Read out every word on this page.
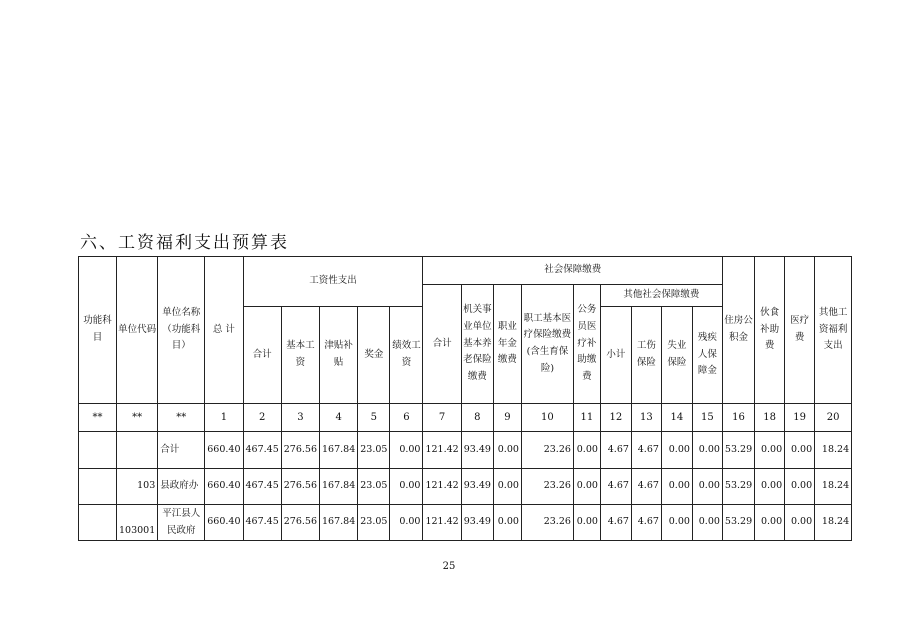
六、工资福利支出预算表
功能科目	单位代码	单位名称（功能科目）	总 计	工资性支出					社会保障缴费									住房公积金	伙食补助费	医疗费	其他工资福利支出
									合计	机关事业单位基本养老保险缴费	职业年金缴费	职工基本医疗保险缴费(含生育保险)	公务员医疗补助缴费	其他社会保障缴费							
				合计	基本工资	津贴补贴	奖金	绩效工资						小计	工伤保险	失业保险	残疾人保障金				
**	**	**	1	2	3	4	5	6	7	8	9	10	11	12	13	14	15	16	18	19	20
		合计	660.40	467.45	276.56	167.84	23.05	0.00	121.42	93.49	0.00	23.26	0.00	4.67	4.67	0.00	0.00	53.29	0.00	0.00	18.24
	103	县政府办	660.40	467.45	276.56	167.84	23.05	0.00	121.42	93.49	0.00	23.26	0.00	4.67	4.67	0.00	0.00	53.29	0.00	0.00	18.24
	103001	平江县人民政府	660.40	467.45	276.56	167.84	23.05	0.00	121.42	93.49	0.00	23.26	0.00	4.67	4.67	0.00	0.00	53.29	0.00	0.00	18.24
25
